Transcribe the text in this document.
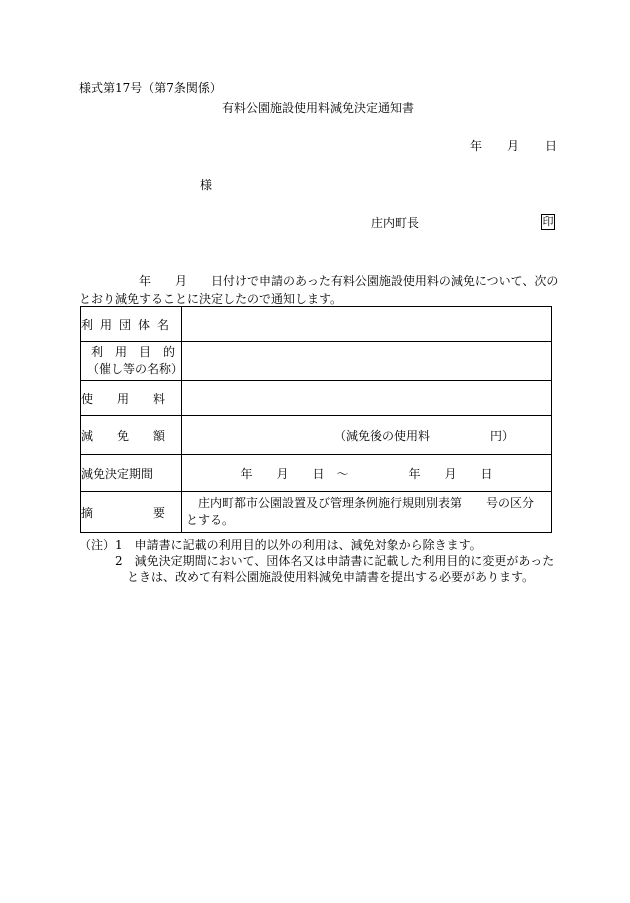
様式第17号（第7条関係）
有料公園施設使用料減免決定通知書
年 月 日
様
庄内町長	印
　　　　　年　　月　　日付けで申請のあった有料公園施設使用料の減免について、次の
とおり減免することに決定したので通知します。
利用団体名	

利　用　目　的
（催し等の名称）	

使　　用　　料	
減　　免　　額	（減免後の使用料　　　　　円）
減免決定期間	年　　月　　日　～　　　　　年　　月　　日
摘　　　　　要	　庄内町都市公園設置及び管理条例施行規則別表第　　号の区分
とする。
（注）1　申請書に記載の利用目的以外の利用は、減免対象から除きます。
　　　2　減免決定期間において、団体名又は申請書に記載した利用目的に変更があった
　　　　ときは、改めて有料公園施設使用料減免申請書を提出する必要があります。
